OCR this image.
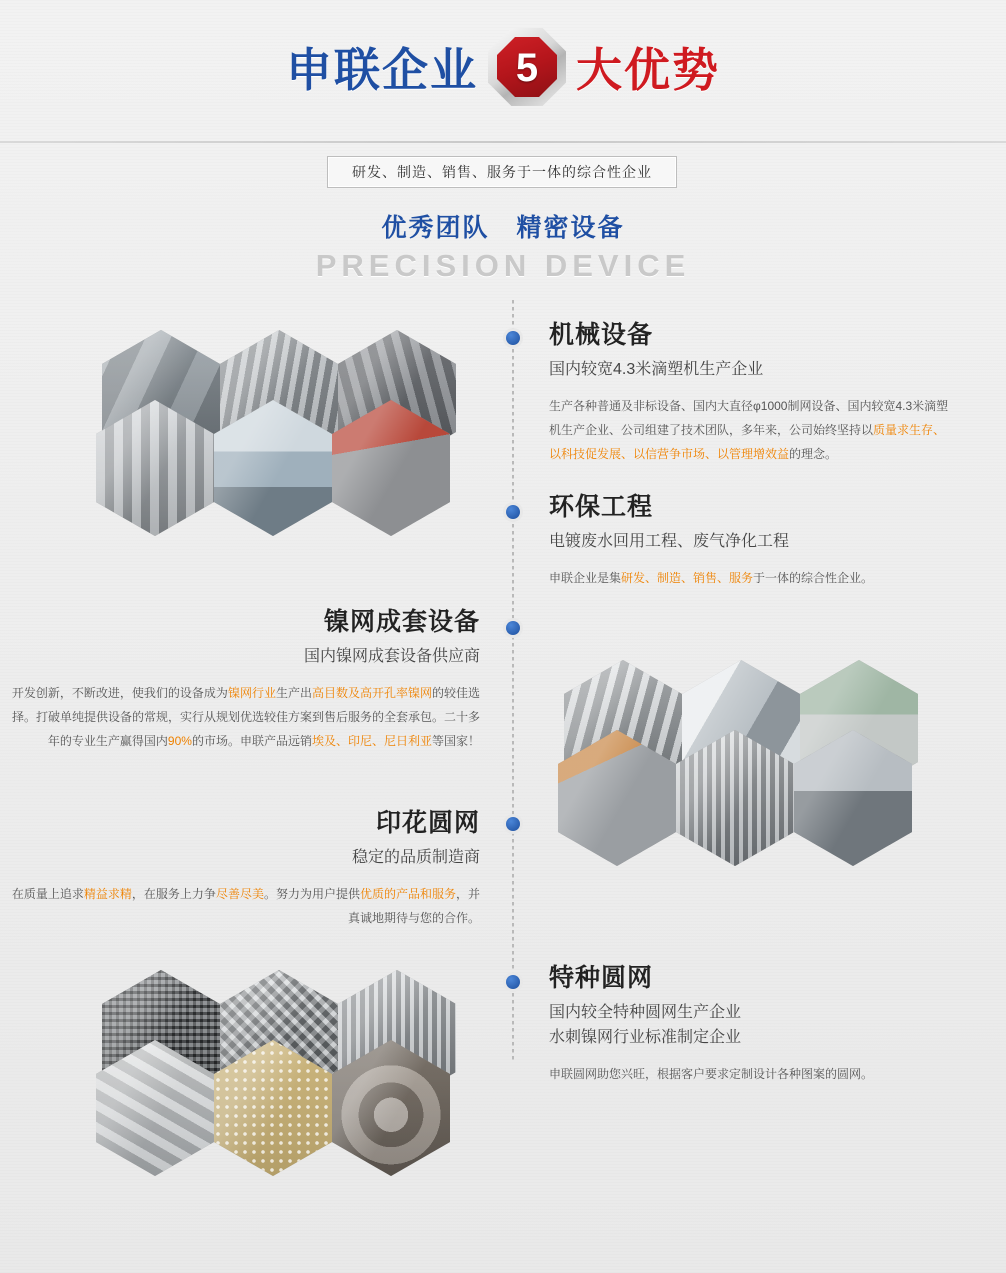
申联企业 5 大优势
研发、制造、销售、服务于一体的综合性企业
优秀团队　精密设备
PRECISION DEVICE
机械设备
国内较宽4.3米滴塑机生产企业
生产各种普通及非标设备、国内大直径φ1000制网设备、国内较宽4.3米滴塑机生产企业、公司组建了技术团队，多年来，公司始终坚持以质量求生存、以科技促发展、以信营争市场、以管理增效益的理念。
环保工程
电镀废水回用工程、废气净化工程
申联企业是集研发、制造、销售、服务于一体的综合性企业。
镍网成套设备
国内镍网成套设备供应商
开发创新，不断改进，使我们的设备成为镍网行业生产出高目数及高开孔率镍网的较佳选择。打破单纯提供设备的常规，实行从规划优选较佳方案到售后服务的全套承包。二十多年的专业生产赢得国内90%的市场。申联产品远销埃及、印尼、尼日利亚等国家！
印花圆网
稳定的品质制造商
在质量上追求精益求精，在服务上力争尽善尽美。努力为用户提供优质的产品和服务，并真诚地期待与您的合作。
特种圆网
国内较全特种圆网生产企业
水刺镍网行业标准制定企业
申联圆网助您兴旺，根据客户要求定制设计各种图案的圆网。
